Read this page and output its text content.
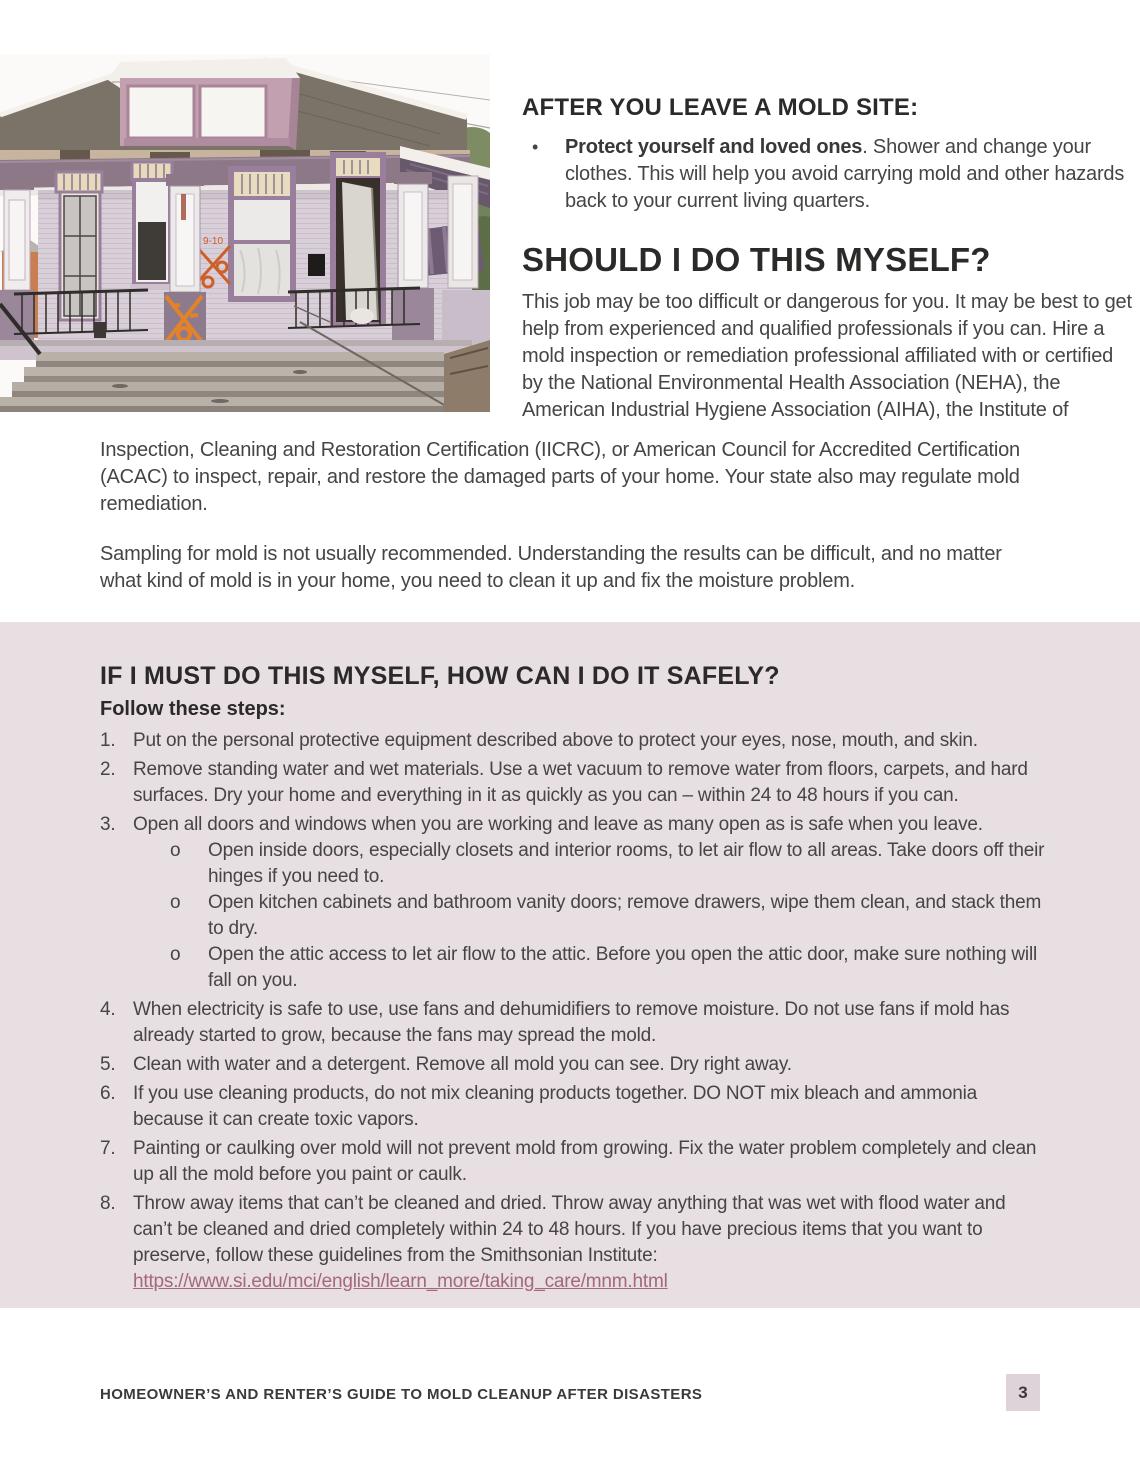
9-10
AFTER YOU LEAVE A MOLD SITE:
•	Protect yourself and loved ones. Shower and change your clothes. This will help you avoid carrying mold and other hazards back to your current living quarters.

SHOULD I DO THIS MYSELF?

This job may be too difficult or dangerous for you. It may be best to get help from experienced and qualified professionals if you can. Hire a mold inspection or remediation professional affiliated with or certified by the National Environmental Health Association (NEHA), the American Industrial Hygiene Association (AIHA), the Institute of

Inspection, Cleaning and Restoration Certification (IICRC), or American Council for Accredited Certification (ACAC) to inspect, repair, and restore the damaged parts of your home. Your state also may regulate mold remediation.

Sampling for mold is not usually recommended. Understanding the results can be difficult, and no matter what kind of mold is in your home, you need to clean it up and fix the moisture problem.

IF I MUST DO THIS MYSELF, HOW CAN I DO IT SAFELY?
Follow these steps:
1. Put on the personal protective equipment described above to protect your eyes, nose, mouth, and skin.
2. Remove standing water and wet materials. Use a wet vacuum to remove water from floors, carpets, and hard surfaces. Dry your home and everything in it as quickly as you can – within 24 to 48 hours if you can.
3. Open all doors and windows when you are working and leave as many open as is safe when you leave.
o	Open inside doors, especially closets and interior rooms, to let air flow to all areas. Take doors off their hinges if you need to.
o	Open kitchen cabinets and bathroom vanity doors; remove drawers, wipe them clean, and stack them to dry.
o	Open the attic access to let air flow to the attic. Before you open the attic door, make sure nothing will fall on you.
4. When electricity is safe to use, use fans and dehumidifiers to remove moisture. Do not use fans if mold has already started to grow, because the fans may spread the mold.
5. Clean with water and a detergent. Remove all mold you can see. Dry right away.
6. If you use cleaning products, do not mix cleaning products together. DO NOT mix bleach and ammonia because it can create toxic vapors.
7. Painting or caulking over mold will not prevent mold from growing. Fix the water problem completely and clean up all the mold before you paint or caulk.
8. Throw away items that can’t be cleaned and dried. Throw away anything that was wet with flood water and can’t be cleaned and dried completely within 24 to 48 hours. If you have precious items that you want to preserve, follow these guidelines from the Smithsonian Institute: https://www.si.edu/mci/english/learn_more/taking_care/mnm.html
HOMEOWNER’S AND RENTER’S GUIDE TO MOLD CLEANUP AFTER DISASTERS	3
